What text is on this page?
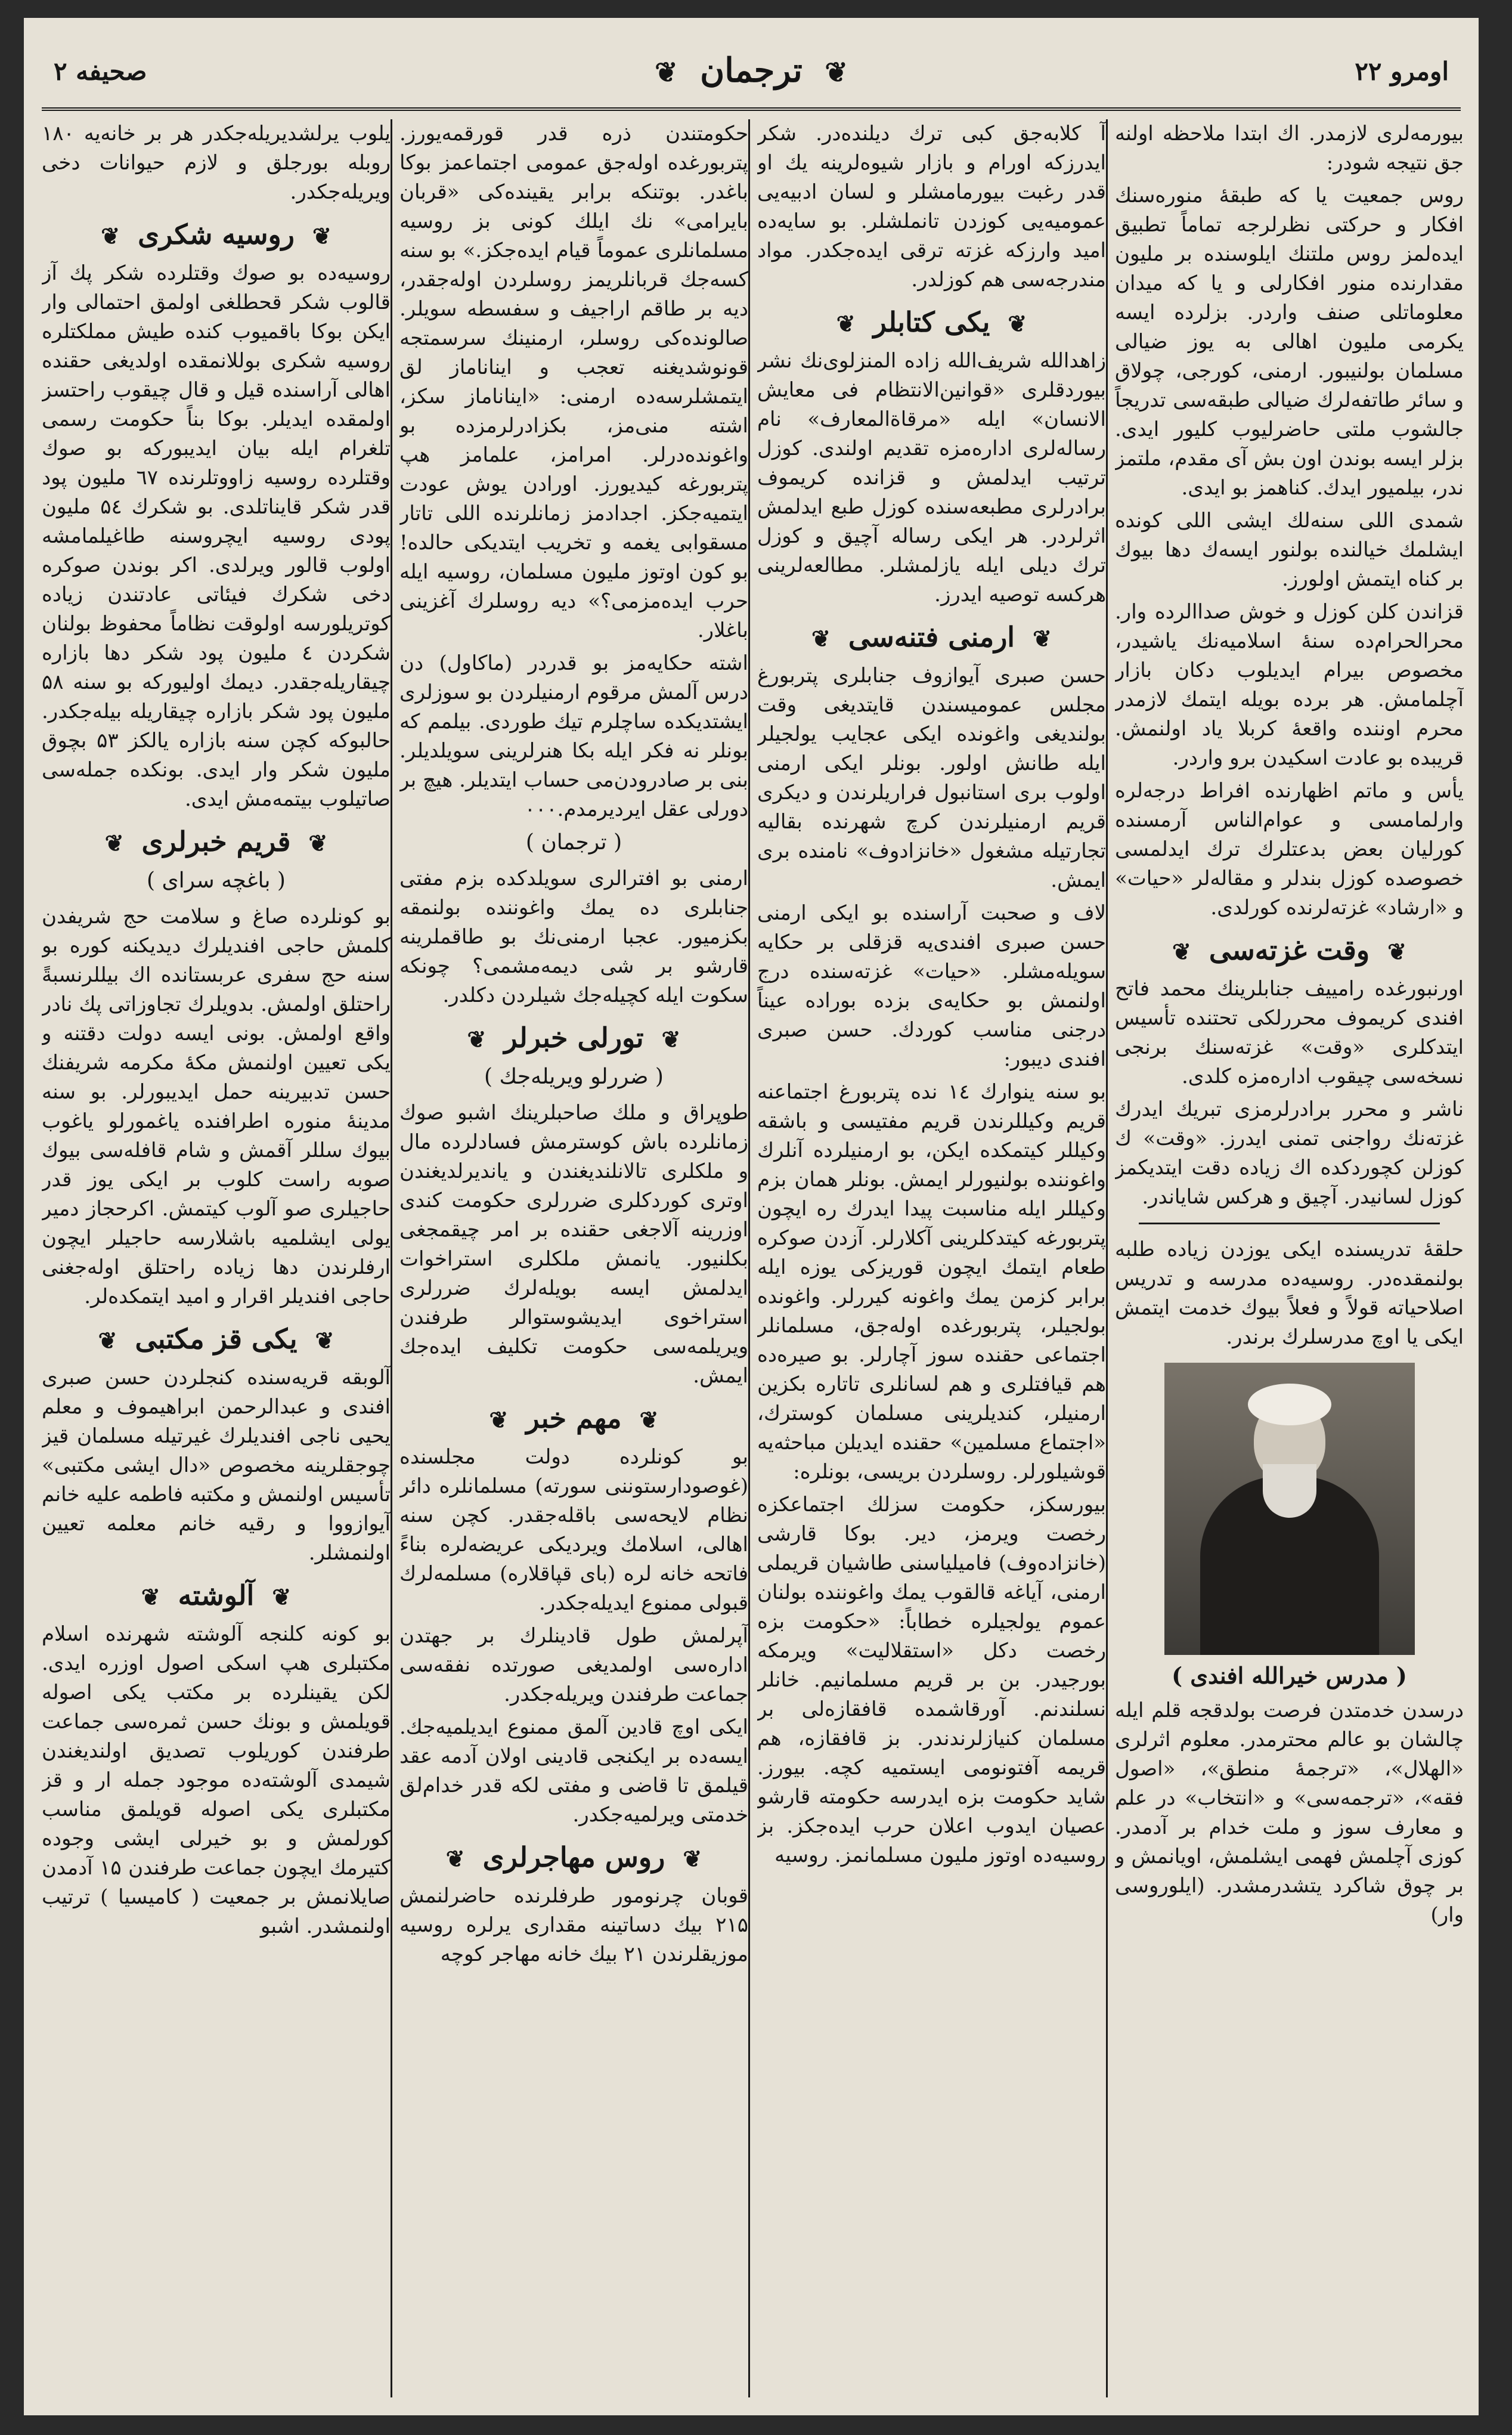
صحیفه ۲	❦ ترجمان ❦	اومرو ۲۲

بیورمه‌لری لازمدر. اك ابتدا ملاحظه اولنه جق نتیجه شودر:

روس جمعیت یا که طبقهٔ منوره‌سنك افکار و حرکتی نظرلرجه تماماً تطبیق ایده‌لمز روس ملتنك ایلوسنده بر ملیون مقدارنده منور افکارلی و یا که میدان معلوماتلی صنف واردر. بزلرده ایسه یکرمی ملیون اهالی به یوز ضیالی مسلمان بولنیبور. ارمنی، کورجی، چولاق و سائر طاتفه‌لرك ضیالی طبقه‌سی تدریجاً جالشوب ملتی حاضرلیوب کلیور ایدی. بزلر ایسه بوندن اون بش آی مقدم، ملتمز ندر، بیلمیور ایدك. کناهمز بو ایدی.

شمدی اللی سنه‌لك ایشی اللی کونده ایشلمك خیالنده بولنور ایسه‌ك دها بیوك بر کناه ایتمش اولورز.

قزاندن کلن کوزل و خوش صداالرده وار. محرالحرام‌ده سنهٔ اسلامیه‌نك یاشیدر، مخصوص بیرام ایدیلوب دکان بازار آچلمامش. هر برده بویله ایتمك لازمدر محرم اوننده واقعهٔ کربلا یاد اولنمش. قریبده بو عادت اسکیدن برو واردر.

یأس و ماتم اظهارنده افراط درجه‌لره وارلمامسی و عوام‌الناس آرمسنده کورلیان بعض بدعتلرك ترك ایدلمسی خصوصده کوزل بندلر و مقاله‌لر «حیات» و «ارشاد» غزته‌لرنده کورلدی.

❦ وقت غزته‌سی ❦

اورنبورغده رامییف جنابلرینك محمد فاتح افندی کریموف محررلکی تحتنده تأسیس ایتدکلری «وقت» غزته‌سنك برنجی نسخه‌سی چیقوب اداره‌مزه کلدی.

ناشر و محرر برادرلرمزی تبریك ایدرك غزته‌نك رواجنی تمنی ایدرز. «وقت» ك کوزلن کچوردکده اك زیاده دقت ایتدیکمز کوزل لسانیدر. آچیق و هرکس شایاندر.

حلقهٔ تدریسنده ایکی یوزدن زیاده طلبه بولنمقده‌در. روسیه‌ده مدرسه و تدریس اصلاحیاته قولاً و فعلاً بیوك خدمت ایتمش ایکی یا اوچ مدرسلرك برندر.

( مدرس خیرالله افندی )

درسدن خدمتدن فرصت بولدقجه قلم ایله چالشان بو عالم محترمدر. معلوم اثرلری «الهلال»، «ترجمهٔ منطق»، «اصول فقه»، «ترجمه‌سی» و «انتخاب» در علم و معارف سوز و ملت خدام بر آدمدر. کوزی آچلمش فهمی ایشلمش، اویانمش و بر چوق شاکرد یتشدرمشدر. (ایلوروسی وار)

آ کلابه‌جق کبی ترك دیلنده‌در. شکر ایدرزکه اورام و بازار شیوه‌لرینه یك او قدر رغبت بیورمامشلر و لسان ادبیه‌یی عمومیه‌یی کوزدن تانملشلر. بو سایه‌ده امید وارزکه غزته ترقی ایده‌جکدر. مواد مندرجه‌سی هم کوزلدر.

❦ یکی کتابلر ❦

زاهدالله شریف‌الله زاده المنزلوی‌نك نشر بیوردقلری «قوانین‌الانتظام فی معایش الانسان» ایله «مرقاةالمعارف» نام رساله‌لری اداره‌مزه تقدیم اولندی. کوزل ترتیب ایدلمش و قزانده کریموف برادرلری مطبعه‌سنده کوزل طبع ایدلمش اثرلردر. هر ایکی رساله آچیق و کوزل ترك دیلی ایله یازلمشلر. مطالعه‌لرینی هرکسه توصیه ایدرز.

❦ ارمنی فتنه‌سی ❦

حسن صبری آیوازوف جنابلری پتربورغ مجلس عمومیسندن قایتدیغی وقت بولندیغی واغونده ایکی عجایب یولجیلر ایله طانش اولور. بونلر ایکی ارمنی اولوب بری استانبول فراریلرندن و دیکری قریم ارمنیلرندن کرچ شهرنده بقالیه تجارتیله مشغول «خانزادوف» نامنده بری ایمش.

لاف و صحبت آراسنده بو ایکی ارمنی حسن صبری افندی‌یه قزقلی بر حکایه سویله‌مشلر. «حیات» غزته‌سنده درج اولنمش بو حکایه‌ی بزده بوراده عیناً درجنی مناسب کوردك. حسن صبری افندی دیبور:

بو سنه ینوارك ۱٤ نده پتربورغ اجتماعنه قریم وکیللرندن قریم مفتیسی و باشقه وکیللر کیتمکده ایکن، بو ارمنیلرده آنلرك واغوننده بولنیورلر ایمش. بونلر همان بزم وکیللر ایله مناسبت پیدا ایدرك ره ایچون پتربورغه کیتدکلرینی آکلارلر. آزدن صوکره طعام ایتمك ایچون قوریزکی یوزه ایله برابر کزمن یمك واغونه کیررلر. واغونده بولجیلر، پتربورغده اوله‌جق، مسلمانلر اجتماعی حقنده سوز آچارلر. بو صیره‌ده هم قیافتلری و هم لسانلری تاتاره بکزین ارمنیلر، کندیلرینی مسلمان کوسترك، «اجتماع مسلمین» حقنده ایدیلن مباحثه‌یه قوشیلورلر. روسلردن بریسی، بونلره:

بیورسکز، حکومت سزلك اجتماعکزه رخصت ویرمز، دیر. بوکا قارشی (خانزاده‌وف) فامیلیاسنی طاشیان قریملی ارمنی، آیاغه قالقوب یمك واغوننده بولنان عموم یولجیلره خطاباً: «حکومت بزه رخصت دکل «استقلالیت» ویرمکه بورجیدر. بن بر قریم مسلمانیم. خانلر نسلندنم. آورقاشمده قافقازه‌لی بر مسلمان کنیازلرندندر. بز قافقازه، هم قریمه آفتونومی ایستمیه‌ کچه. بیورز. شاید حکومت بزه ایدرسه حکومته قارشو عصیان ایدوب اعلان حرب ایده‌جکز. بز روسیه‌ده اوتوز ملیون مسلمانمز. روسیه

حکومتندن ذره قدر قورقمه‌یورز. پتربورغده اوله‌جق عمومی اجتماعمز بوکا باغدر. بوتنکه برابر یقینده‌کی «قربان بایرامی» نك ایلك کونی بز روسیه مسلمانلری عموماً قیام ایده‌جکز.» بو سنه کسه‌جك قربانلریمز روسلردن اوله‌جقدر، دیه بر طاقم اراجیف و سفسطه سویلر. صالونده‌کی روسلر، ارمنینك سرسمتجه قونوشدیغنه تعجب و ایناناماز لق ایتمشلرسه‌ده ارمنی: «ایناناماز سکز، اشته منی‌مز، بکزادرلرمزده بو واغونده‌درلر. امرامز، علمامز هپ پتربورغه کیدیورز. اورادن یوش عودت ایتمیه‌جکز. اجدادمز زمانلرنده اللی تاتار مسقوابی یغمه و تخریب ایتدیکی حالده! بو کون اوتوز ملیون مسلمان، روسیه ایله حرب ایده‌مزمی؟» دیه روسلرك آغزینی باغلار.

اشته حکایه‌مز بو قدردر (ماکاول) دن درس آلمش مرقوم ارمنیلردن بو سوزلری ایشتدیکده ساچلرم تیك طوردی. بیلمم که بونلر نه فکر ایله بکا هنرلرینی سویلدیلر. بنی بر صادرودن‌می حساب ایتدیلر. هیچ بر دورلی عقل ایردیرمدم.۰۰۰

( ترجمان )

ارمنی بو افترالری سویلدکده بزم مفتی جنابلری ده یمك واغوننده بولنمقه بکزمیور. عجبا ارمنی‌نك بو طاقملرینه قارشو بر شی دیمه‌مشمی؟ چونکه سکوت ایله کچیله‌جك شیلردن دکلدر.

❦ تورلی خبرلر ❦
( ضررلو ویریله‌جك )

طوپراق و ملك صاحبلرینك اشبو صوك زمانلرده باش کوسترمش فسادلرده مال و ملکلری تالانلندیغندن و یاندیرلدیغندن اوتری کوردکلری ضررلری حکومت کندی اوزرینه آلاجغی حقنده بر امر چیقمجغی بکلنیور. یانمش ملکلری استراخوات ایدلمش ایسه بویله‌لرك ضررلری استراخوی ایدیشوستوالر طرفندن ویریلمه‌سی حکومت تکلیف ایده‌جك ایمش.

❦ مهم خبر ❦

بو کونلرده دولت مجلسنده (غوصودارستوننی سورته) مسلمانلره دائر نظام لایحه‌سی باقله‌جقدر. کچن سنه اهالی، اسلامك ویردیکی عریضه‌لره بناءً فاتحه خانه لره (بای قپاقلاره) مسلمه‌لرك قبولی ممنوع ایدیله‌جکدر.

آپرلمش طول قادینلرك بر جهتدن اداره‌سی اولمدیغی صورتده نفقه‌سی جماعت طرفندن ویریله‌جکدر.

ایکی اوچ قادین آلمق ممنوع ایدیلمیه‌جك. ایسه‌ده بر ایکنجی قادینی اولان آدمه عقد قیلمق تا قاضی و مفتی لکه قدر خدام‌لق خدمتی ویرلمیه‌جکدر.

❦ روس مهاجرلری ❦

قوبان چرنومور طرفلرنده حاضرلنمش ۲۱۵ بیك دساتینه مقداری یرلره روسیه موزیقلرندن ۲۱ بیك خانه مهاجر کوچه

یلوب یرلشدیریله‌جکدر هر بر خانه‌یه ۱۸۰ روبله بورجلق و لازم حیوانات دخی ویریله‌جکدر.

❦ روسیه شکری ❦

روسیه‌ده بو صوك وقتلرده شکر پك آز قالوب شکر قحطلغی اولمق احتمالی وار ایکن بوکا باقمیوب کنده طیش مملکتلره روسیه شکری بوللانمقده اولدیغی حقنده اهالی آراسنده قیل و قال چیقوب راحتسز اولمقده ایدیلر. بوکا بناً حکومت رسمی تلغرام ایله بیان ایدیبورکه بو صوك وقتلرده روسیه زاووتلرنده ٦۷ ملیون پود قدر شکر قایناتلدی. بو شکرك ۵٤ ملیون پودی روسیه ایچروسنه طاغیلمامشه اولوب قالور ویرلدی. اکر بوندن صوکره دخی شکرك فیئاتی عادتندن زیاده کوتریلورسه اولوقت نظاماً محفوظ بولنان شکردن ٤ ملیون پود شکر دها بازاره چیقاریله‌جقدر. دیمك اولیورکه بو سنه ۵۸ ملیون پود شکر بازاره چیقاریله بیله‌جکدر. حالبوکه کچن سنه بازاره یالکز ۵۳ بچوق ملیون شکر وار ایدی. بونکده جمله‌سی صاتیلوب بیتمه‌مش ایدی.

❦ قریم خبرلری ❦
( باغچه سرای )

بو کونلرده صاغ و سلامت حج شریفدن کلمش حاجی افندیلرك دیدیکنه کوره بو سنه حج سفری عربستانده اك بیللرنسبةً راحتلق اولمش. بدویلرك تجاوزاتی پك نادر واقع اولمش. بونی ایسه دولت دقتنه و یکی تعیین اولنمش مکهٔ مکرمه شریفنك حسن تدبیرینه حمل ایدیبورلر. بو سنه مدینهٔ منوره اطرافنده یاغمورلو یاغوب بیوك سللر آقمش و شام قافله‌سی بیوك صوبه راست کلوب بر ایکی یوز قدر حاجیلری صو آلوب کیتمش. اکرحجاز دمیر یولی ایشلمیه باشلارسه حاجیلر ایچون ارفلرندن دها زیاده راحتلق اوله‌جغنی حاجی افندیلر اقرار و امید ایتمکده‌لر.

❦ یکی قز مکتبی ❦

آلوبقه قریه‌سنده کنجلردن حسن صبری افندی و عبدالرحمن ابراهیموف و معلم یحیی ناجی افندیلرك غیرتیله مسلمان قیز چوجقلرینه مخصوص «دال ایشی مکتبی» تأسیس اولنمش و مکتبه فاطمه علیه خانم آیوازووا و رقیه خانم معلمه تعیین اولنمشلر.

❦ آلوشته ❦

بو کونه کلنجه آلوشته شهرنده اسلام مکتبلری هپ اسکی اصول اوزره ایدی. لکن یقینلرده بر مکتب یکی اصوله قویلمش و بونك حسن ثمره‌سی جماعت طرفندن کوریلوب تصدیق اولندیغندن شیمدی آلوشته‌ده موجود جمله ار و قز مکتبلری یکی اصوله قویلمق مناسب کورلمش و بو خیرلی ایشی وجوده کتیرمك ایچون جماعت طرفندن ۱۵ آدمدن صایلانمش بر جمعیت ( کامیسیا ) ترتیب اولنمشدر. اشبو
